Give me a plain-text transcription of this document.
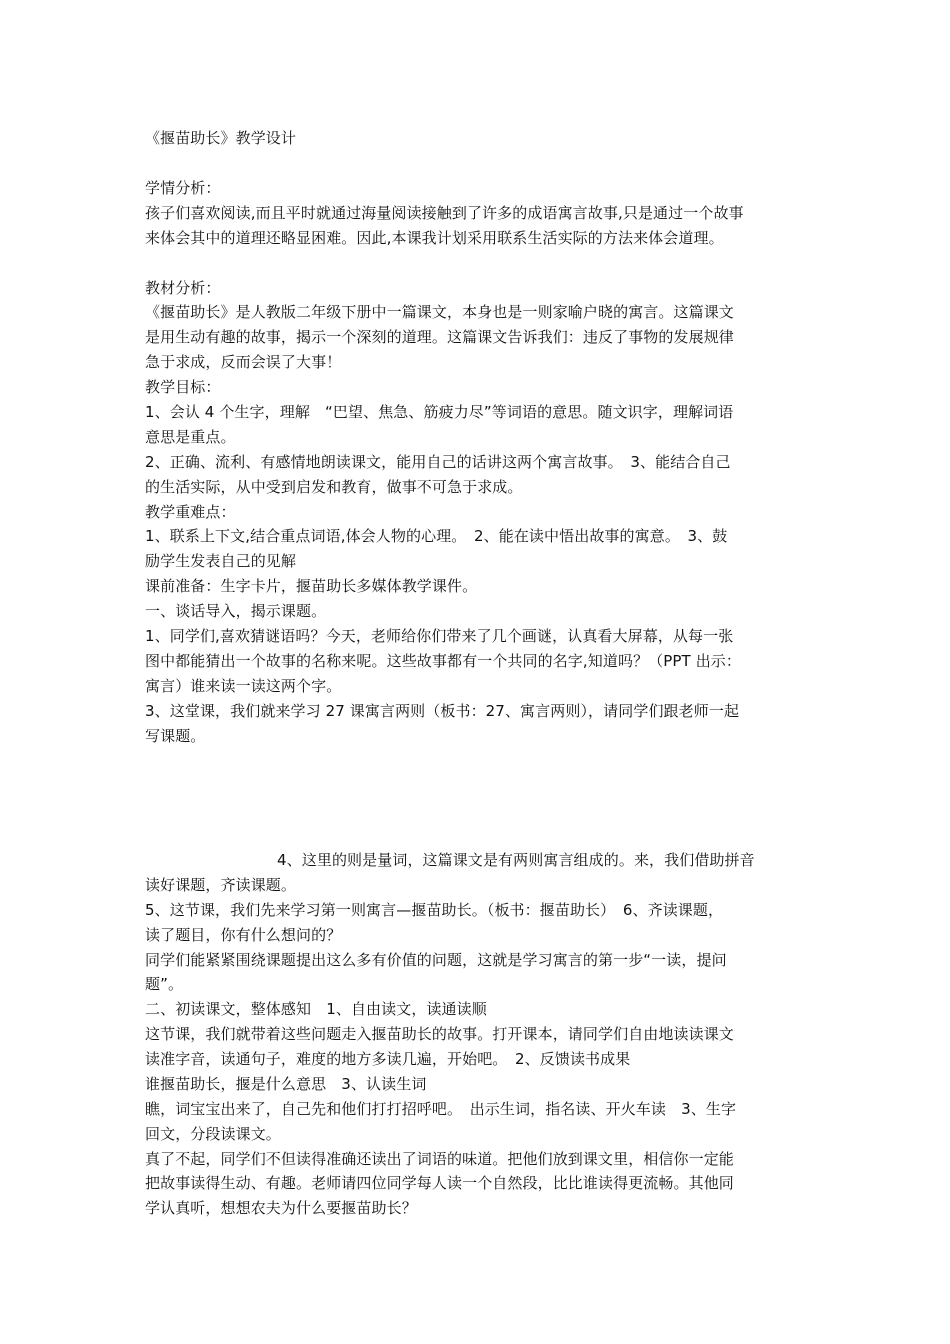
《揠苗助长》教学设计
学情分析：
孩子们喜欢阅读,而且平时就通过海量阅读接触到了许多的成语寓言故事,只是通过一个故事
来体会其中的道理还略显困难。因此,本课我计划采用联系生活实际的方法来体会道理。
教材分析：
《揠苗助长》是人教版二年级下册中一篇课文，本身也是一则家喻户晓的寓言。这篇课文
是用生动有趣的故事，揭示一个深刻的道理。这篇课文告诉我们：违反了事物的发展规律
急于求成，反而会误了大事！
教学目标：
1、会认 4 个生字，理解　“巴望、焦急、筋疲力尽”等词语的意思。随文识字，理解词语
意思是重点。
2、正确、流利、有感情地朗读课文，能用自己的话讲这两个寓言故事。　3、能结合自己
的生活实际，从中受到启发和教育，做事不可急于求成。
教学重难点：
1、联系上下文,结合重点词语,体会人物的心理。　2、能在读中悟出故事的寓意。　3、鼓
励学生发表自己的见解
课前准备：生字卡片，揠苗助长多媒体教学课件。
一、谈话导入，揭示课题。
1、同学们,喜欢猜谜语吗？今天，老师给你们带来了几个画谜，认真看大屏幕，从每一张
图中都能猜出一个故事的名称来呢。这些故事都有一个共同的名字,知道吗？（PPT 出示：
寓言）谁来读一读这两个字。
3、这堂课，我们就来学习 27 课寓言两则（板书：27、寓言两则），请同学们跟老师一起
写课题。
4、这里的则是量词，这篇课文是有两则寓言组成的。来，我们借助拼音
读好课题，齐读课题。
5、这节课，我们先来学习第一则寓言—揠苗助长。（板书：揠苗助长）　6、齐读课题，
读了题目，你有什么想问的？
同学们能紧紧围绕课题提出这么多有价值的问题，这就是学习寓言的第一步“一读，提问
题”。
二、初读课文，整体感知　1、自由读文，读通读顺
这节课，我们就带着这些问题走入揠苗助长的故事。打开课本，请同学们自由地读读课文
读准字音，读通句子，难度的地方多读几遍，开始吧。　2、反馈读书成果
谁揠苗助长，揠是什么意思　3、认读生词
瞧，词宝宝出来了，自己先和他们打打招呼吧。　出示生词，指名读、开火车读　3、生字
回文，分段读课文。
真了不起，同学们不但读得准确还读出了词语的味道。把他们放到课文里，相信你一定能
把故事读得生动、有趣。老师请四位同学每人读一个自然段，比比谁读得更流畅。其他同
学认真听，想想农夫为什么要揠苗助长？
